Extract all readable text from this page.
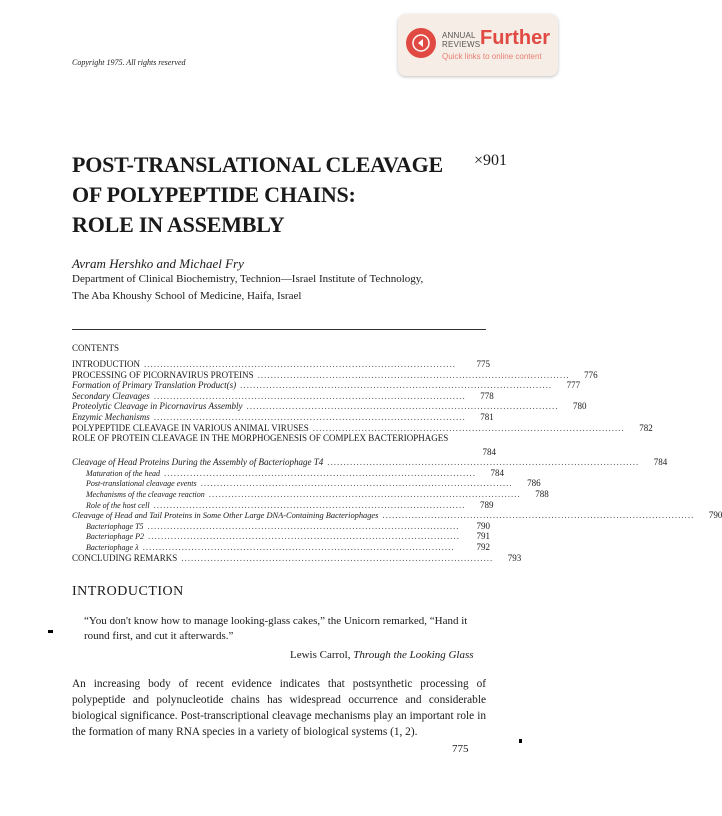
ANNUAL
REVIEWS Further
Quick links to online content
Copyright 1975. All rights reserved
POST-TRANSLATIONAL CLEAVAGE
OF POLYPEPTIDE CHAINS:
ROLE IN ASSEMBLY
×901
Avram Hershko and Michael Fry
Department of Clinical Biochemistry, Technion—Israel Institute of Technology,
The Aba Khoushy School of Medicine, Haifa, Israel
CONTENTS
INTRODUCTION ................................................................................................	775
PROCESSING OF PICORNAVIRUS PROTEINS ................................................................................................	776
Formation of Primary Translation Product(s) ................................................................................................	777
Secondary Cleavages ................................................................................................	778
Proteolytic Cleavage in Picornavirus Assembly ................................................................................................	780
Enzymic Mechanisms ................................................................................................	781
POLYPEPTIDE CLEAVAGE IN VARIOUS ANIMAL VIRUSES ................................................................................................	782
ROLE OF PROTEIN CLEAVAGE IN THE MORPHOGENESIS OF COMPLEX BACTERIOPHAGES
784
Cleavage of Head Proteins During the Assembly of Bacteriophage T4 ................................................................................................	784
Maturation of the head ................................................................................................	784
Post-translational cleavage events ................................................................................................	786
Mechanisms of the cleavage reaction ................................................................................................	788
Role of the host cell ................................................................................................	789
Cleavage of Head and Tail Proteins in Some Other Large DNA-Containing Bacteriophages ................................................................................................	790
Bacteriophage T5 ................................................................................................	790
Bacteriophage P2 ................................................................................................	791
Bacteriophage λ ................................................................................................	792
CONCLUDING REMARKS ................................................................................................	793
INTRODUCTION
“You don't know how to manage looking-glass cakes,” the Unicorn remarked, “Hand it round first, and cut it afterwards.”
Lewis Carrol, Through the Looking Glass
An increasing body of recent evidence indicates that postsynthetic processing of polypeptide and polynucleotide chains has widespread occurrence and considerable biological significance. Post-transcriptional cleavage mechanisms play an important role in the formation of many RNA species in a variety of biological systems (1, 2).
775
